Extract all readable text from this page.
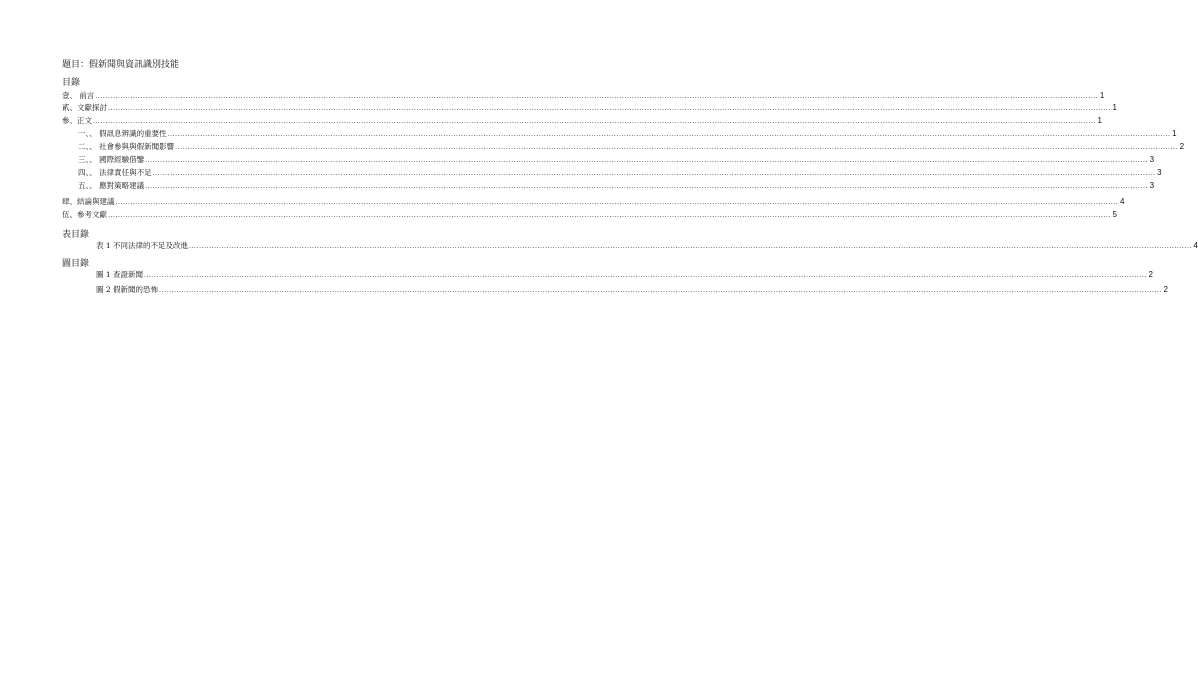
題目：假新聞與資訊識別技能
目錄
壹、 前言 ................................................................................................................................................................................................................................................................................................................................................................................................................ 1
貳、文獻探討 ................................................................................................................................................................................................................................................................................................................................................................................................................ 1
參、正文 ................................................................................................................................................................................................................................................................................................................................................................................................................ 1
一、、 假訊息辨識的重要性 ................................................................................................................................................................................................................................................................................................................................................................................................................ 1
二、、 社會參與與假新聞影響 ................................................................................................................................................................................................................................................................................................................................................................................................................ 2
三、、 國際經驗借鑒 ................................................................................................................................................................................................................................................................................................................................................................................................................ 3
四、、 法律責任與不足 ................................................................................................................................................................................................................................................................................................................................................................................................................ 3
五、、 應對策略建議 ................................................................................................................................................................................................................................................................................................................................................................................................................ 3
肆、結論與建議 ................................................................................................................................................................................................................................................................................................................................................................................................................ 4
伍、參考文獻 ................................................................................................................................................................................................................................................................................................................................................................................................................ 5
表目錄
表 1 不同法律的不足及改進 ................................................................................................................................................................................................................................................................................................................................................................................................................ 4
圖目錄
圖 1 查證新聞 ................................................................................................................................................................................................................................................................................................................................................................................................................ 2
圖 2 假新聞的恐怖 ................................................................................................................................................................................................................................................................................................................................................................................................................ 2
